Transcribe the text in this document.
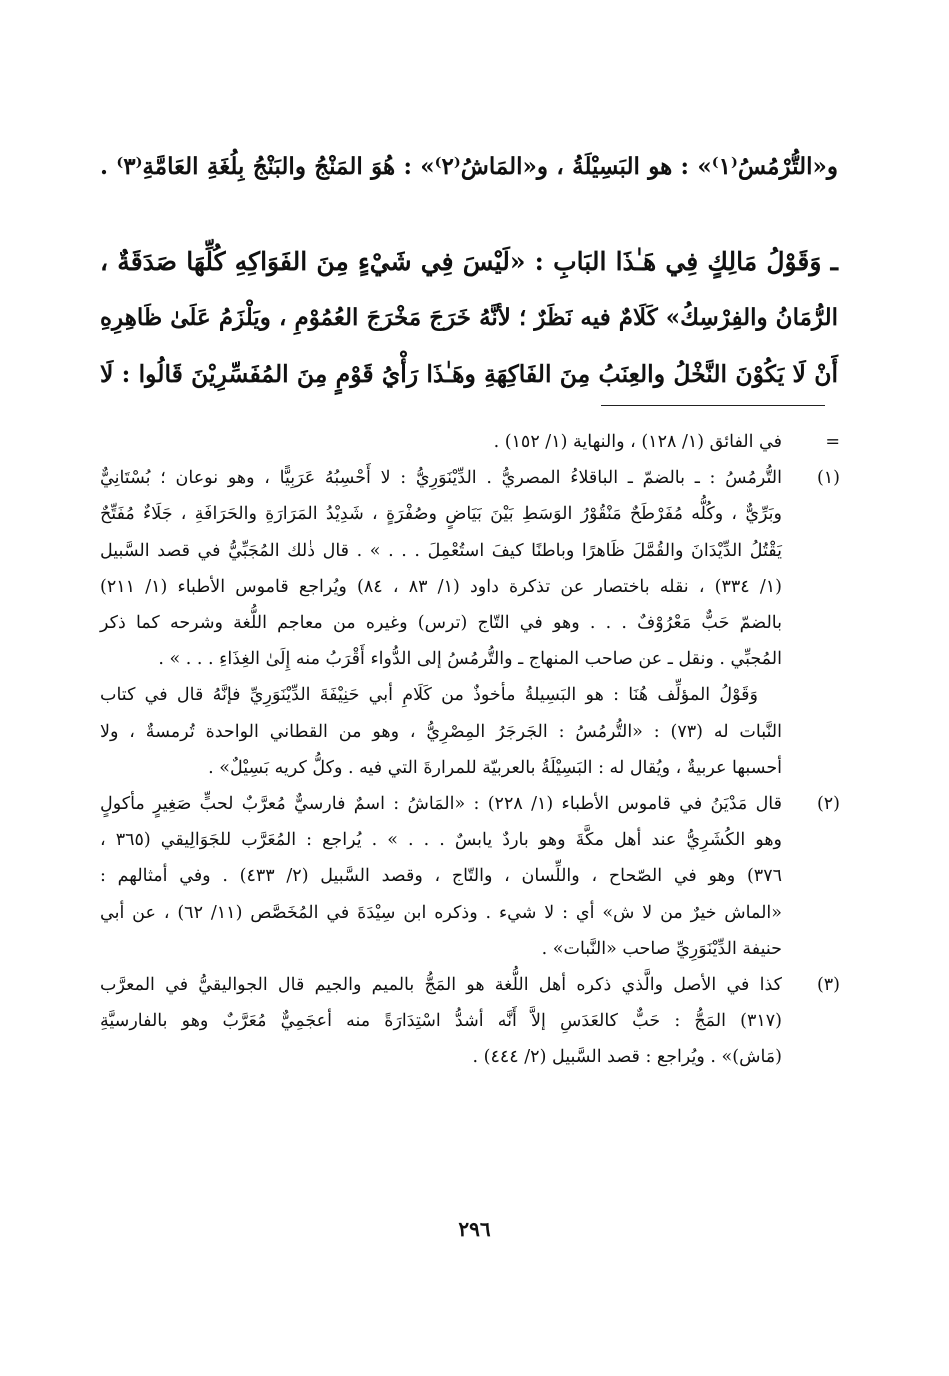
و«التُّرْمُسُ⁽١⁾» : هو البَسِيْلَةُ ، و«المَاشُ⁽٢⁾» : هُوَ المَنْجُ والبَنْجُ بِلُغَةِ العَامَّةِ⁽٣⁾ .
ـ وَقَوْلُ مَالِكٍ فِي هَـٰذَا البَابِ : «لَيْسَ فِي شَيْءٍ مِنَ الفَوَاكِهِ كُلِّهَا صَدَقَةٌ ،
الرُّمَانُ والفِرْسِكُ» كَلَامٌ فيه نَظَرٌ ؛ لأنَّهُ خَرَجَ مَخْرَجَ العُمُوْمِ ، ويَلْزَمُ عَلَىٰ ظَاهِرِهِ
أَنْ لَا يَكُوْنَ النَّخْلُ والعِنَبُ مِنَ الفَاكِهَةِ وهَـٰذَا رَأْيُ قَوْمٍ مِنَ المُفَسِّرِيْنَ قَالُوا : لَا
=
في الفائق (١/ ١٢٨) ، والنهاية (١/ ١٥٢) .
(١)
التُّرمُسُ : ـ بالضمّ ـ الباقلاءُ المصريُّ . الدِّيْنَوَرِيُّ : لا أَحْسِبُهُ عَرَبِيًّا ، وهو نوعان ؛ بُسْتَانِيٌّ
وبَرِّيٌّ ، وكُلُّه مُفَرْطَحٌ مَنْقُوْرُ الوَسَطِ بَيْنَ بَيَاضٍ وصُفْرَةٍ ، شَدِيْدُ المَرَارَةِ والحَرَافَةِ ، جَلَاءٌ مُفَتِّحٌ
يَقْتُلُ الدِّيْدَانَ والقُمَّلَ ظَاهرًا وباطنًا كيفَ استُعْمِلَ . . . » . قال ذٰلك المُجَبِّيُّ في قصد السَّبيل
(١/ ٣٣٤) ، نقله باختصار عن تذكرة داود (١/ ٨٣ ، ٨٤) ويُراجع قاموس الأطباء (١/ ٢١١)
بالضمّ حَبٌّ مَعْرُوْفٌ . . . وهو في التّاج (ترس) وغيره من معاجم اللُّغة وشرحه كما ذكر
المُجبِّي . ونقل ـ عن صاحب المنهاج ـ والتُّرمُسُ إلى الدُّواء أَقْرَبُ منه إِلَىٰ الغِذَاءِ . . . » .
وَقَوْلُ المؤلِّف هُنَا : هو البَسِيلةُ مأخوذٌ من كَلَامِ أبي حَنِيْفَةَ الدِّيْنَوَرِيِّ فإنَّهُ قال في كتاب
النَّبات له (٧٣) : «التُّرمُسُ : الجَرجَرُ المِصْرِيُّ ، وهو من القطاني الواحدة تُرمسةٌ ، ولا
أحسبها عربيةٌ ، ويُقال له : البَسِيْلَةُ بالعربيّة للمرارةَ التي فيه . وكلُّ كريه بَسِيْلٌ» .
(٢)
قال مَدْيَنُ في قاموس الأطباء (١/ ٢٢٨) : «المَاشُ : اسمٌ فارسيٌّ مُعرَّبٌ لحبٍّ صَغِيرٍ مأكولٍ
وهو الكُشَرِيُّ عند أهل مكَّةَ وهو باردٌ يابسٌ . . . » . يُراجع : المُعَرَّب للجَوَالِيقي (٣٦٥ ،
٣٧٦) وهو في الصّحاح ، واللِّسان ، والتّاج ، وقصد السَّبيل (٢/ ٤٣٣) . وفي أمثالهم :
«الماش خيرٌ من لا ش» أي : لا شيء . وذكره ابن سِيْدَةَ في المُخَصَّص (١١/ ٦٢) ، عن أبي
حنيفة الدِّيْنَوَرِيِّ صاحب «النَّبات» .
(٣)
كذا في الأصل والَّذي ذكره أهل اللُّغة هو المَجُّ بالميم والجيم قال الجواليقيُّ في المعرَّب
(٣١٧) المَجُّ : حَبٌّ كالعَدَسِ إلاَّ أَنَّه أشدُّ اسْتِدَارَةً منه أعجَمِيٌّ مُعَرَّبٌ وهو بالفارسيَّةِ
(مَاش)» . ويُراجع : قصد السَّبيل (٢/ ٤٤٤) .
٢٩٦
